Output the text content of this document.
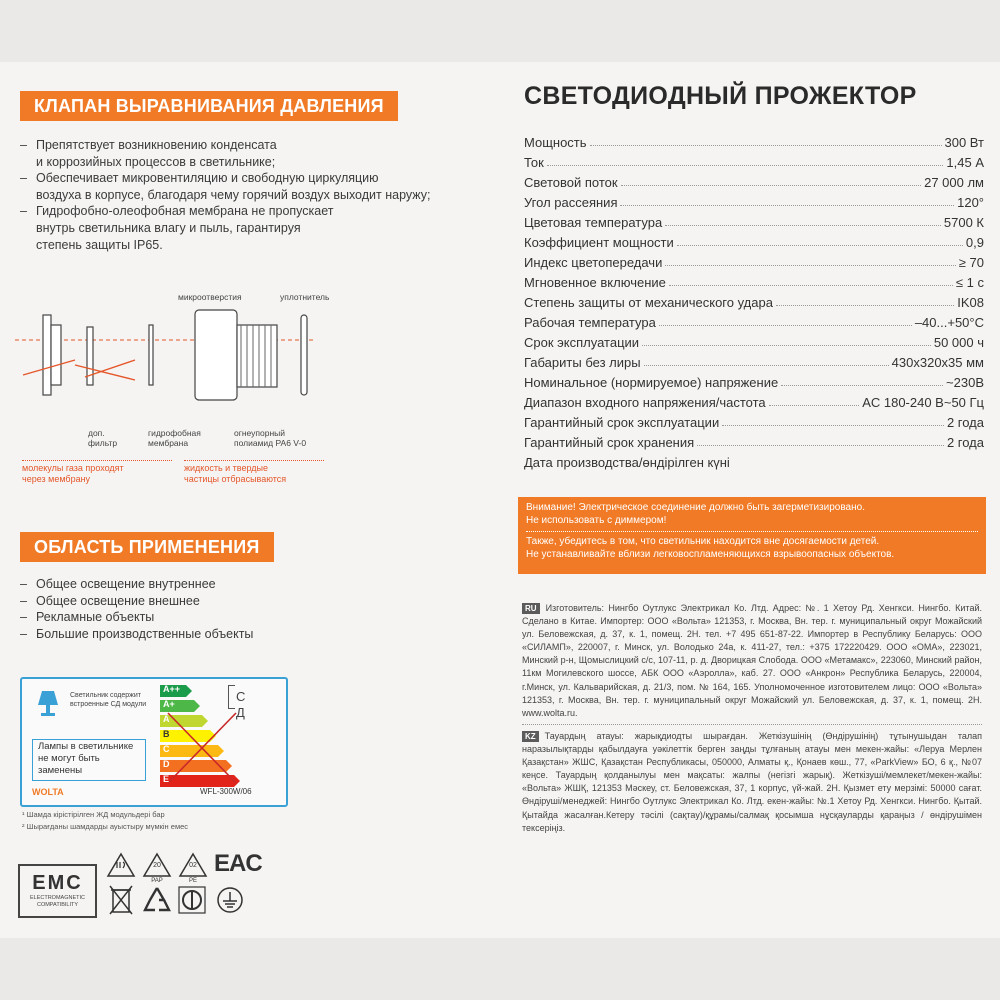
КЛАПАН ВЫРАВНИВАНИЯ ДАВЛЕНИЯ
– Препятствует возникновению конденсата
и коррозийных процессов в светильнике;
– Обеспечивает микровентиляцию и свободную циркуляцию
воздуха в корпусе, благодаря чему горячий воздух выходит наружу;
– Гидрофобно-олеофобная мембрана не пропускает
внутрь светильника влагу и пыль, гарантируя
степень защиты IP65.
микроотверстия	уплотнитель
доп.
фильтр
гидрофобная
мембрана
огнеупорный
полиамид PA6 V-0
молекулы газа проходят
через мембрану
жидкость и твердые
частицы отбрасываются
ОБЛАСТЬ ПРИМЕНЕНИЯ
– Общее освещение внутреннее
– Общее освещение внешнее
– Рекламные объекты
– Большие производственные объекты
Светильник содержит
встроенные СД модули
Лампы в светильнике
не могут быть
заменены
WOLTA	WFL-300W/06
A++
A+
A
B
C
D
E
С
Д
¹ Шамда кірістірілген ЖД модульдері бар
² Шырағданы шамдарды ауыстыру мүмкін емес
EMC
ELECTROMAGNETIC
COMPATIBILITY
20
PAP
02
PE
EAC
СВЕТОДИОДНЫЙ ПРОЖЕКТОР
Мощность	300 Вт
Ток	1,45 А
Световой поток	27 000 лм
Угол рассеяния	120°
Цветовая температура	5700 К
Коэффициент мощности	0,9
Индекс цветопередачи	≥ 70
Мгновенное включение	≤ 1 с
Степень защиты от механического удара	IK08
Рабочая температура	–40...+50°С
Срок эксплуатации	50 000 ч
Габариты без лиры	430х320х35 мм
Номинальное (нормируемое) напряжение	~230В
Диапазон входного напряжения/частота	AC 180-240 В~50 Гц
Гарантийный срок эксплуатации	2 года
Гарантийный срок хранения	2 года
Дата производства/өндірілген күні

Внимание! Электрическое соединение должно быть загерметизировано.

Не использовать с диммером!

Также, убедитесь в том, что светильник находится вне досягаемости детей.

Не устанавливайте вблизи легковоспламеняющихся взрывоопасных объектов.

RU Изготовитель: Нингбо Оутлукс Электрикал Ко. Лтд. Адрес: №. 1 Хетоу Рд. Хенгкси. Нингбо. Китай. Сделано в Китае. Импортер: ООО «Вольта» 121353, г. Москва, Вн. тер. г. муниципальный округ Можайский ул. Беловежская, д. 37, к. 1, помещ. 2Н. тел. +7 495 651-87-22. Импортер в Республику Беларусь: ООО «СИЛАМП», 220007, г. Минск, ул. Володько 24а, к. 411-27, тел.: +375 172220429. ООО «ОМА», 223021, Минский р-н, Щомыслицкий с/с, 107-11, р. д. Дворицкая Слобода. ООО «Метамакс», 223060, Минский район, 11км Могилевского шоссе, АБК ООО «Аэролла», каб. 27. ООО «Анкрон» Республика Беларусь, 220004, г.Минск, ул. Кальварийская, д. 21/3, пом. № 164, 165. Уполномоченное изготовителем лицо: ООО «Вольта» 121353, г. Москва, Вн. тер. г. муниципальный округ Можайский ул. Беловежская, д. 37, к. 1, помещ. 2Н. www.wolta.ru.
KZ Тауардың атауы: жарықдиодты шырағдан. Жеткізушінің (Өндірушінің) тұтынушыдан талап наразылықтарды қабылдауға уәкілеттік берген заңды тұлғаның атауы мен мекен-жайы: «Леруа Мерлен Қазақстан» ЖШС, Қазақстан Республикасы, 050000, Алматы қ., Қонаев көш., 77, «ParkView» БО, 6 қ., №07 кеңсе. Тауардың қолданылуы мен мақсаты: жалпы (негізгі жарық). Жеткізуші/мемлекет/мекен-жайы: «Вольта» ЖШҚ, 121353 Мәскеу, ст. Беловежская, 37, 1 корпус, үй-жай. 2Н. Қызмет ету мерзімі: 50000 сағат. Өндіруші/менеджей: Нингбо Оутлукс Электрикал Ко. Лтд. екен-жайы: №.1 Хетоу Рд. Хенгкси. Нингбо. Қытай. Қытайда жасалған.Кетеру тәсілі (сақтау)/құрамы/салмақ қосымша нұсқауларды қараңыз / өндірушімен тексеріңіз.
